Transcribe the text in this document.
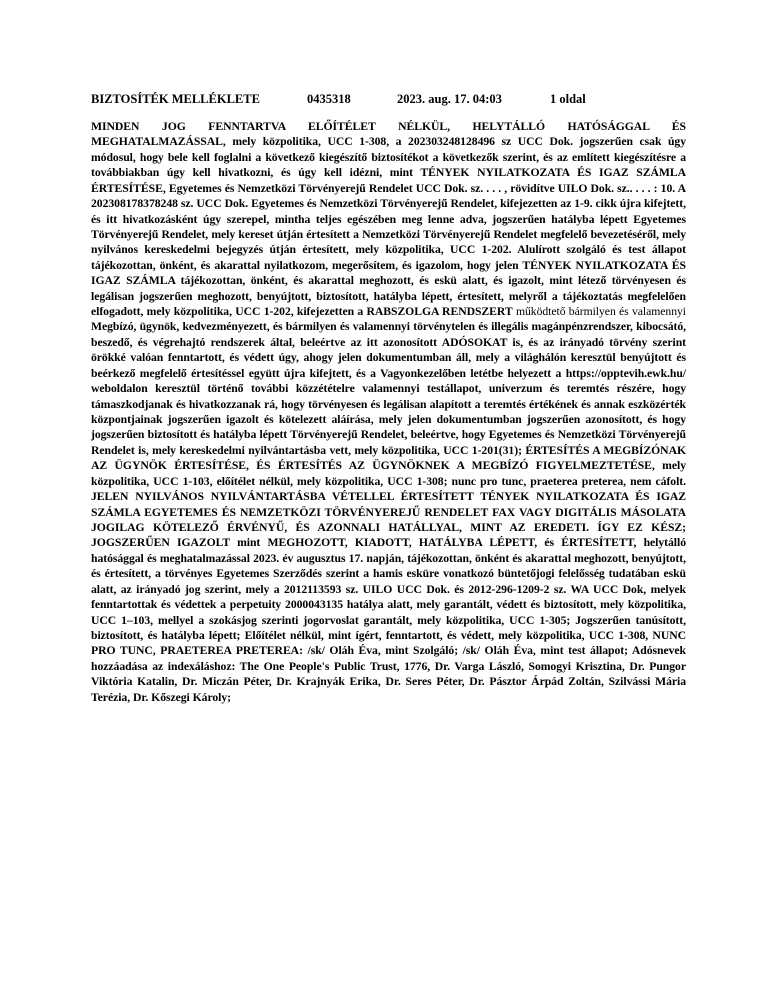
BIZTOSÍTÉK MELLÉKLETE	0435318	2023. aug. 17. 04:03	1 oldal
MINDEN JOG FENNTARTVA ELŐÍTÉLET NÉLKÜL, HELYTÁLLÓ HATÓSÁGGAL ÉS MEGHATALMAZÁSSAL, mely közpolitika, UCC 1-308, a 202303248128496 sz UCC Dok. jogszerűen csak úgy módosul, hogy bele kell foglalni a következő kiegészítő biztosítékot a következők szerint, és az említett kiegészítésre a továbbiakban úgy kell hivatkozni, és úgy kell idézni, mint TÉNYEK NYILATKOZATA ÉS IGAZ SZÁMLA ÉRTESÍTÉSE, Egyetemes és Nemzetközi Törvényerejű Rendelet UCC Dok. sz. . . . , rövidítve UILO Dok. sz.. . . . : 10. A 202308178378248 sz. UCC Dok. Egyetemes és Nemzetközi Törvényerejű Rendelet, kifejezetten az 1-9. cikk újra kifejtett, és itt hivatkozásként úgy szerepel, mintha teljes egészében meg lenne adva, jogszerűen hatályba lépett Egyetemes Törvényerejű Rendelet, mely kereset útján értesített a Nemzetközi Törvényerejű Rendelet megfelelő bevezetéséről, mely nyilvános kereskedelmi bejegyzés útján értesített, mely közpolitika, UCC 1-202. Alulírott szolgáló és test állapot tájékozottan, önként, és akarattal nyilatkozom, megerősítem, és igazolom, hogy jelen TÉNYEK NYILATKOZATA ÉS IGAZ SZÁMLA tájékozottan, önként, és akarattal meghozott, és eskü alatt, és igazolt, mint létező törvényesen és legálisan jogszerűen meghozott, benyújtott, biztosított, hatályba lépett, értesített, melyről a tájékoztatás megfelelően elfogadott, mely közpolitika, UCC 1-202, kifejezetten a RABSZOLGA RENDSZERT működtető bármilyen és valamennyi Megbízó, ügynök, kedvezményezett, és bármilyen és valamennyi törvénytelen és illegális magánpénzrendszer, kibocsátó, beszedő, és végrehajtó rendszerek által, beleértve az itt azonosított ADÓSOKAT is, és az irányadó törvény szerint örökké valóan fenntartott, és védett úgy, ahogy jelen dokumentumban áll, mely a világhálón keresztül benyújtott és beérkező megfelelő értesítéssel együtt újra kifejtett, és a Vagyonkezelőben letétbe helyezett a https://opptevih.ewk.hu/ weboldalon keresztül történő további közzétételre valamennyi testállapot, univerzum és teremtés részére, hogy támaszkodjanak és hivatkozzanak rá, hogy törvényesen és legálisan alapított a teremtés értékének és annak eszközérték központjainak jogszerűen igazolt és kötelezett aláírása, mely jelen dokumentumban jogszerűen azonosított, és hogy jogszerűen biztosított és hatályba lépett Törvényerejű Rendelet, beleértve, hogy Egyetemes és Nemzetközi Törvényerejű Rendelet is, mely kereskedelmi nyilvántartásba vett, mely közpolitika, UCC 1-201(31); ÉRTESÍTÉS A MEGBÍZÓNAK AZ ÜGYNÖK ÉRTESÍTÉSE, ÉS ÉRTESÍTÉS AZ ÜGYNÖKNEK A MEGBÍZÓ FIGYELMEZTETÉSE, mely közpolitika, UCC 1-103, előítélet nélkül, mely közpolitika, UCC 1-308; nunc pro tunc, praeterea preterea, nem cáfolt. JELEN NYILVÁNOS NYILVÁNTARTÁSBA VÉTELLEL ÉRTESÍTETT TÉNYEK NYILATKOZATA ÉS IGAZ SZÁMLA EGYETEMES ÉS NEMZETKÖZI TÖRVÉNYEREJŰ RENDELET FAX VAGY DIGITÁLIS MÁSOLATA JOGILAG KÖTELEZŐ ÉRVÉNYŰ, ÉS AZONNALI HATÁLLYAL, MINT AZ EREDETI. ÍGY EZ KÉSZ; JOGSZERŰEN IGAZOLT mint MEGHOZOTT, KIADOTT, HATÁLYBA LÉPETT, és ÉRTESÍTETT, helytálló hatósággal és meghatalmazással 2023. év augusztus 17. napján, tájékozottan, önként és akarattal meghozott, benyújtott, és értesített, a törvényes Egyetemes Szerződés szerint a hamis esküre vonatkozó büntetőjogi felelősség tudatában eskü alatt, az irányadó jog szerint, mely a 2012113593 sz. UILO UCC Dok. és 2012-296-1209-2 sz. WA UCC Dok, melyek fenntartottak és védettek a perpetuity 2000043135 hatálya alatt, mely garantált, védett és biztosított, mely közpolitika, UCC 1–103, mellyel a szokásjog szerinti jogorvoslat garantált, mely közpolitika, UCC 1-305; Jogszerűen tanúsított, biztosított, és hatályba lépett; Előítélet nélkül, mint ígért, fenntartott, és védett, mely közpolitika, UCC 1-308, NUNC PRO TUNC, PRAETEREA PRETEREA: /sk/ Oláh Éva, mint Szolgáló; /sk/ Oláh Éva, mint test állapot; Adósnevek hozzáadása az indexáláshoz: The One People's Public Trust, 1776, Dr. Varga László, Somogyi Krisztina, Dr. Pungor Viktória Katalin, Dr. Miczán Péter, Dr. Krajnyák Erika, Dr. Seres Péter, Dr. Pásztor Árpád Zoltán, Szilvássi Mária Terézia, Dr. Kőszegi Károly;
